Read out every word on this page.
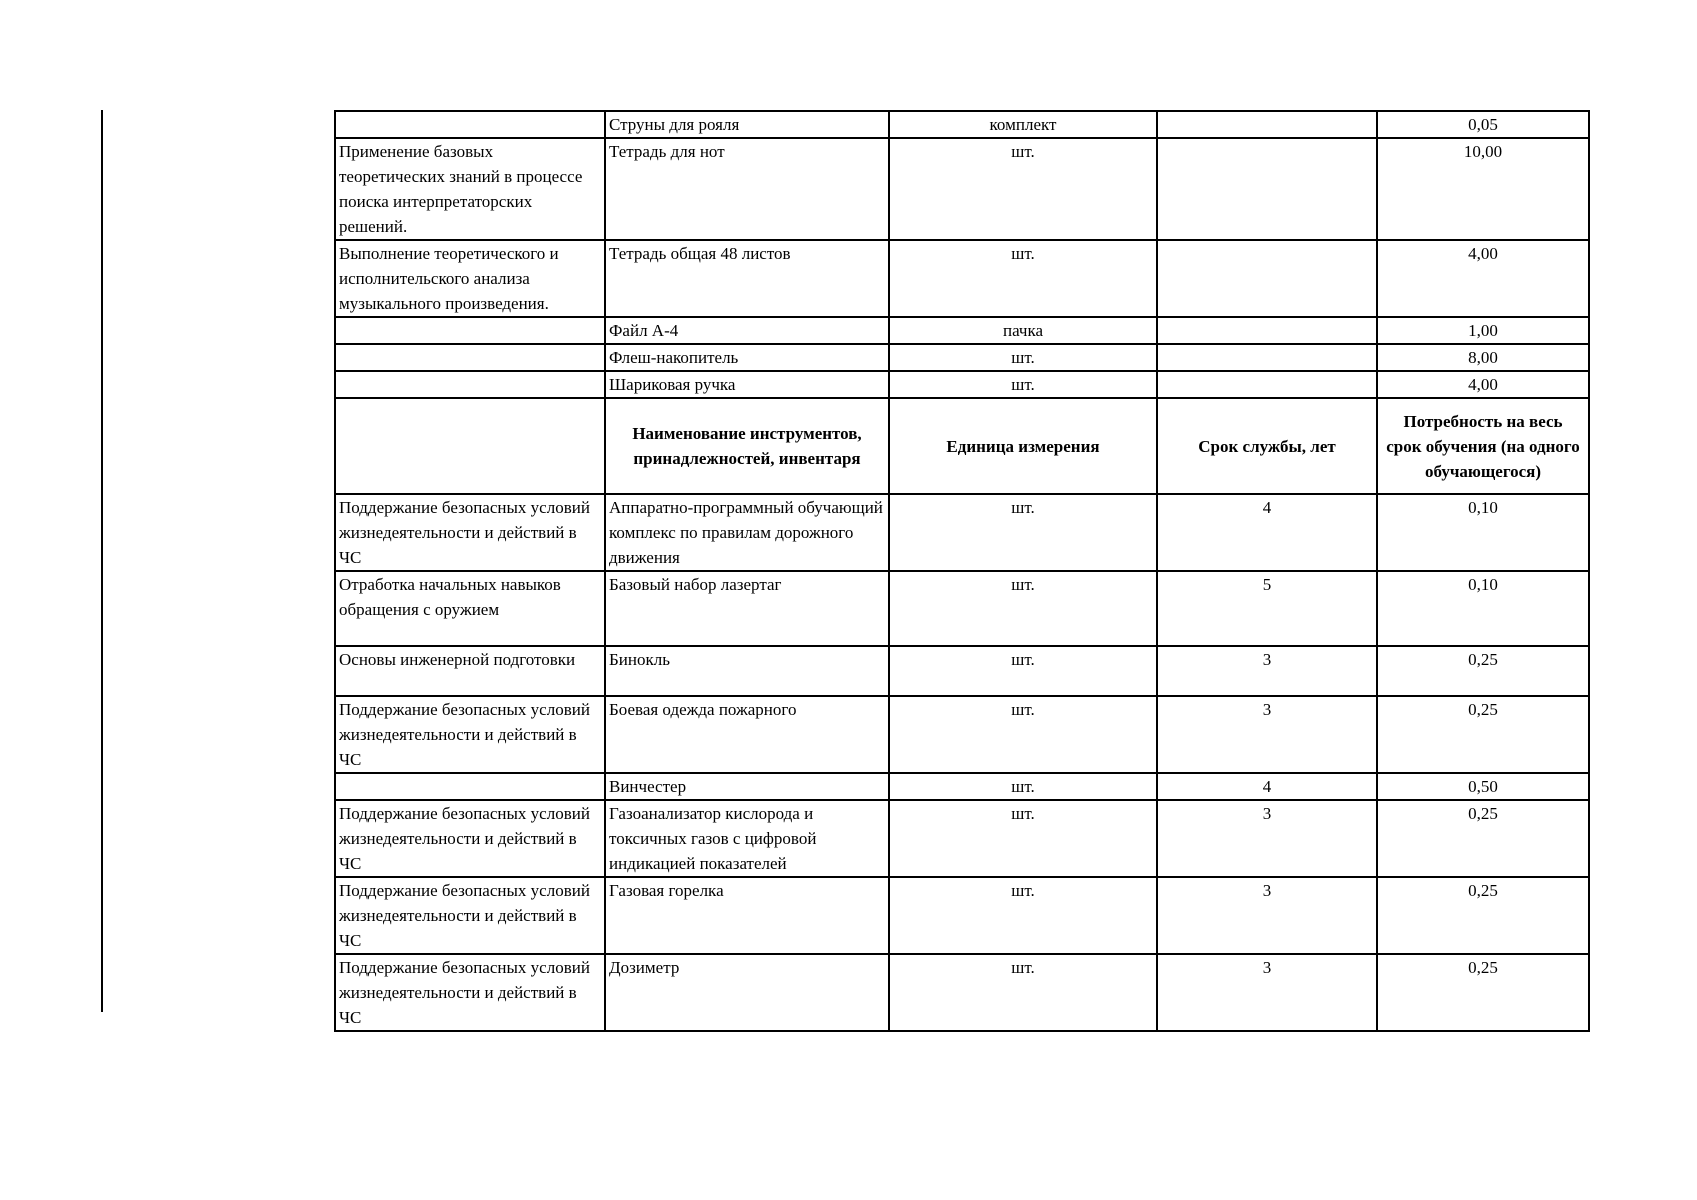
	Струны для рояля	комплект		0,05
Применение базовых теоретических знаний в процессе поиска интерпретаторских решений.	Тетрадь для нот	шт.		10,00
Выполнение теоретического и исполнительского анализа музыкального произведения.	Тетрадь общая 48 листов	шт.		4,00
	Файл А-4	пачка		1,00
	Флеш-накопитель	шт.		8,00
	Шариковая ручка	шт.		4,00
	Наименование инструментов, принадлежностей, инвентаря	Единица измерения	Срок службы, лет	Потребность на весь срок обучения (на одного обучающегося)
Поддержание безопасных условий жизнедеятельности и действий в ЧС	Аппаратно-программный обучающий комплекс по правилам дорожного движения	шт.	4	0,10
Отработка начальных навыков обращения с оружием	Базовый набор лазертаг	шт.	5	0,10
Основы инженерной подготовки	Бинокль	шт.	3	0,25
Поддержание безопасных условий жизнедеятельности и действий в ЧС	Боевая одежда пожарного	шт.	3	0,25
	Винчестер	шт.	4	0,50
Поддержание безопасных условий жизнедеятельности и действий в ЧС	Газоанализатор кислорода и токсичных газов с цифровой индикацией показателей	шт.	3	0,25
Поддержание безопасных условий жизнедеятельности и действий в ЧС	Газовая горелка	шт.	3	0,25
Поддержание безопасных условий жизнедеятельности и действий в ЧС	Дозиметр	шт.	3	0,25
